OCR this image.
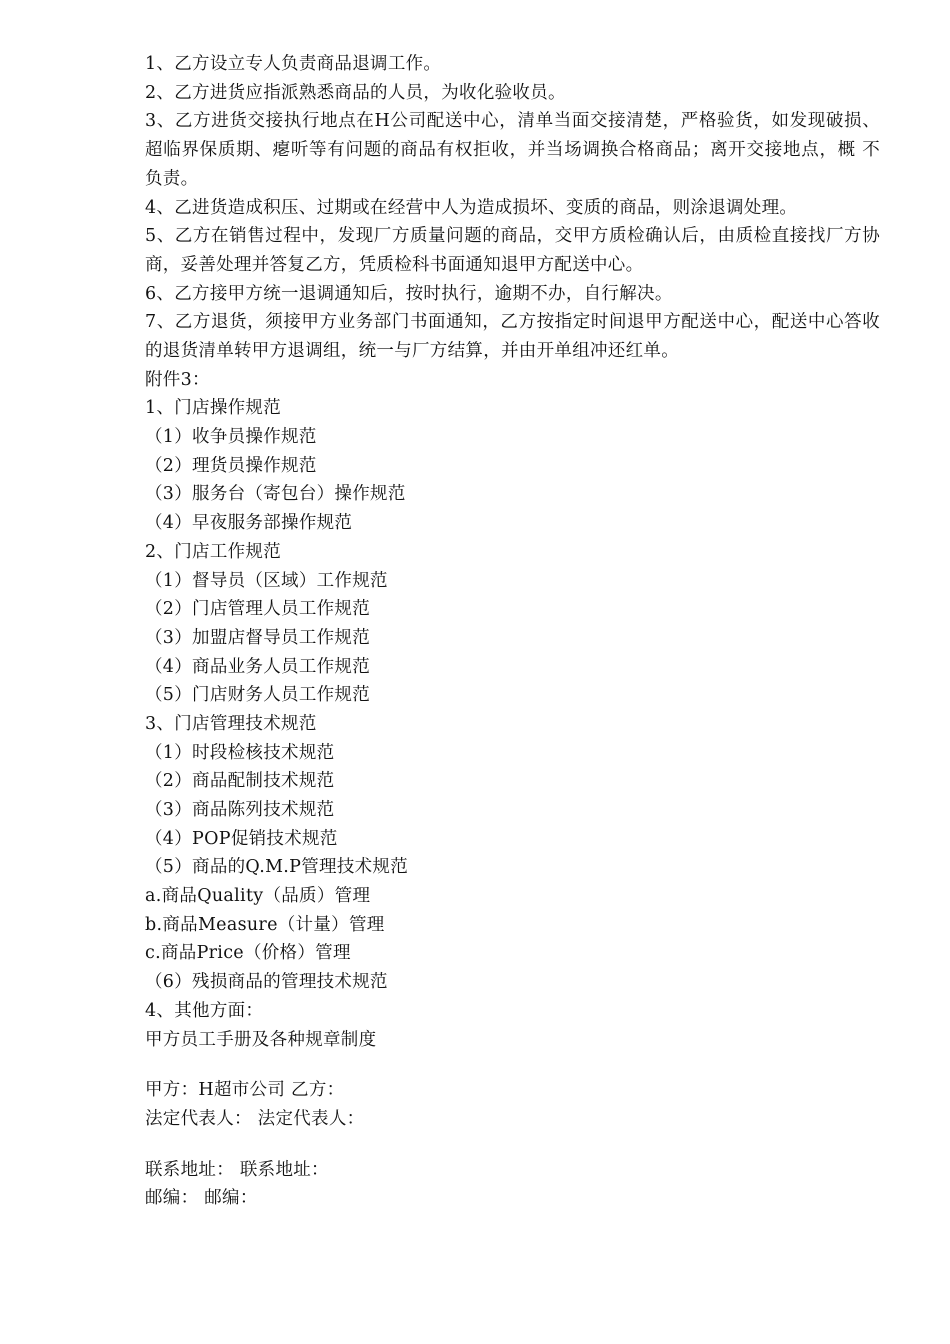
1、乙方设立专人负责商品退调工作。
2、乙方进货应指派熟悉商品的人员，为收化验收员。
3、乙方进货交接执行地点在H公司配送中心，清单当面交接清楚，严格验货，如发现破损、超临界保质期、瘪听等有问题的商品有权拒收，并当场调换合格商品；离开交接地点，概 不负责。
4、乙进货造成积压、过期或在经营中人为造成损坏、变质的商品，则涂退调处理。
5、乙方在销售过程中，发现厂方质量问题的商品，交甲方质检确认后，由质检直接找厂方协商，妥善处理并答复乙方，凭质检科书面通知退甲方配送中心。
6、乙方接甲方统一退调通知后，按时执行，逾期不办，自行解决。
7、乙方退货，须接甲方业务部门书面通知，乙方按指定时间退甲方配送中心，配送中心答收的退货清单转甲方退调组，统一与厂方结算，并由开单组冲还红单。
附件3：
1、门店操作规范
（1）收争员操作规范
（2）理货员操作规范
（3）服务台（寄包台）操作规范
（4）早夜服务部操作规范
2、门店工作规范
（1）督导员（区域）工作规范
（2）门店管理人员工作规范
（3）加盟店督导员工作规范
（4）商品业务人员工作规范
（5）门店财务人员工作规范
3、门店管理技术规范
（1）时段检核技术规范
（2）商品配制技术规范
（3）商品陈列技术规范
（4）POP促销技术规范
（5）商品的Q.M.P管理技术规范
a.商品Quality（品质）管理
b.商品Measure（计量）管理
c.商品Price（价格）管理
（6）残损商品的管理技术规范
4、其他方面：
甲方员工手册及各种规章制度
甲方：H超市公司 乙方：
法定代表人： 法定代表人：
联系地址： 联系地址：
邮编： 邮编：
